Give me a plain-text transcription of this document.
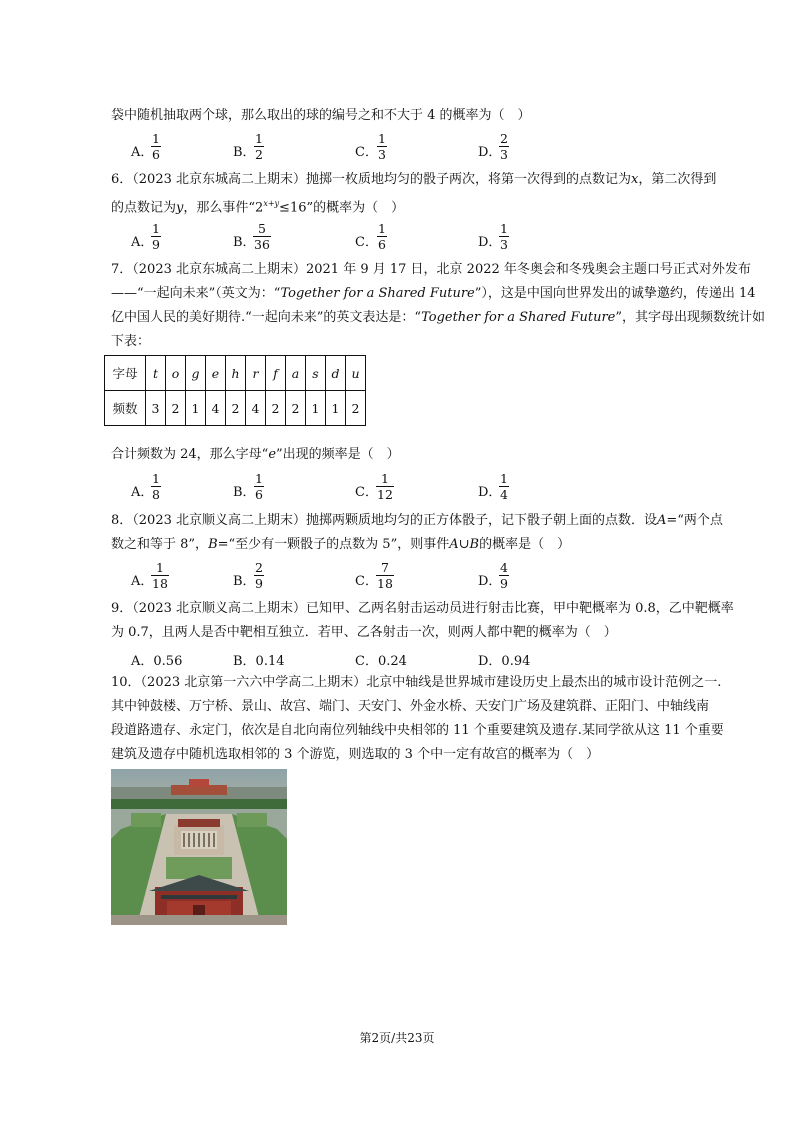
袋中随机抽取两个球，那么取出的球的编号之和不大于 4 的概率为（　）
A．
1
6	B．
1
2	C．
1
3	D．
2
3
6．（2023 北京东城高二上期末）抛掷一枚质地均匀的骰子两次，将第一次得到的点数记为x，第二次得到
的点数记为y，那么事件“$2^{x+y}\le 16$”的概率为（　）
A．
1
9	B．
5
36	C．
1
6	D．
1
3
7．（2023 北京东城高二上期末）2021 年 9 月 17 日，北京 2022 年冬奥会和冬残奥会主题口号正式对外发布
——“一起向未来”（英文为：“Together for a Shared Future”），这是中国向世界发出的诚挚邀约，传递出 14
亿中国人民的美好期待.“一起向未来”的英文表达是：“Together for a Shared Future”，其字母出现频数统计如
下表：
字母	t	o	g	e	h	r	f	a	s	d	u
频数	3	2	1	4	2	4	2	2	1	1	2
合计频数为 24，那么字母“e”出现的频率是（　）
A．
1
8	B．
1
6	C．
1
12	D．
1
4
8．（2023 北京顺义高二上期末）抛掷两颗质地均匀的正方体骰子，记下骰子朝上面的点数．设A=“两个点
数之和等于 8”，B=“至少有一颗骰子的点数为 5”，则事件A∪B的概率是（　）
A．
1
18	B．
2
9	C．
7
18	D．
4
9
9．（2023 北京顺义高二上期末）已知甲、乙两名射击运动员进行射击比赛，甲中靶概率为 0.8，乙中靶概率
为 0.7，且两人是否中靶相互独立．若甲、乙各射击一次，则两人都中靶的概率为（　）
A．0.56	B．0.14	C．0.24	D．0.94
10．（2023 北京第一六六中学高二上期末）北京中轴线是世界城市建设历史上最杰出的城市设计范例之一.
其中钟鼓楼、万宁桥、景山、故宫、端门、天安门、外金水桥、天安门广场及建筑群、正阳门、中轴线南
段道路遗存、永定门，依次是自北向南位列轴线中央相邻的 11 个重要建筑及遗存.某同学欲从这 11 个重要
建筑及遗存中随机选取相邻的 3 个游览，则选取的 3 个中一定有故宫的概率为（　）
第2页/共23页
